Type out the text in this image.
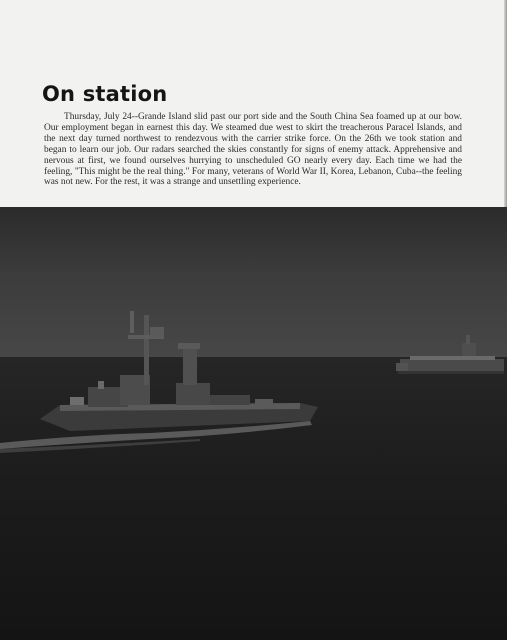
On station

Thursday, July 24--Grande Island slid past our port side and the South China Sea foamed up at our bow. Our employment began in earnest this day. We steamed due west to skirt the treacherous Paracel Islands, and the next day turned northwest to rendezvous with the carrier strike force. On the 26th we took station and began to learn our job. Our radars searched the skies constantly for signs of enemy attack. Apprehensive and nervous at first, we found ourselves hurrying to unscheduled GO nearly every day. Each time we had the feeling, "This might be the real thing." For many, veterans of World War II, Korea, Lebanon, Cuba--the feeling was not new. For the rest, it was a strange and unsettling experience.
